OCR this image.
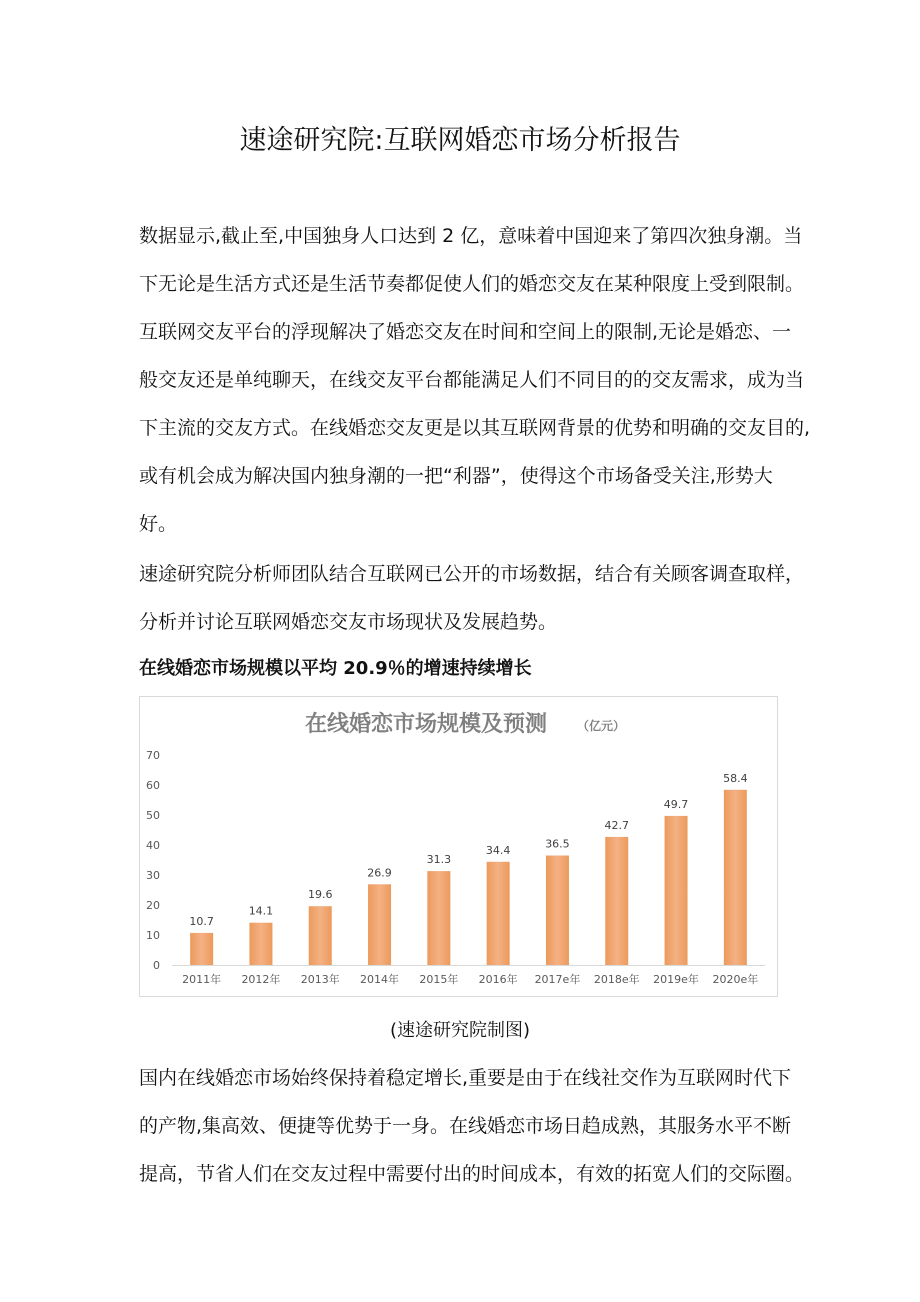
速途研究院:互联网婚恋市场分析报告
数据显示,截止至,中国独身人口达到 2 亿，意味着中国迎来了第四次独身潮。当
下无论是生活方式还是生活节奏都促使人们的婚恋交友在某种限度上受到限制。
互联网交友平台的浮现解决了婚恋交友在时间和空间上的限制,无论是婚恋、一
般交友还是单纯聊天，在线交友平台都能满足人们不同目的的交友需求，成为当
下主流的交友方式。在线婚恋交友更是以其互联网背景的优势和明确的交友目的,
或有机会成为解决国内独身潮的一把“利器”，使得这个市场备受关注,形势大
好。
速途研究院分析师团队结合互联网已公开的市场数据，结合有关顾客调查取样，
分析并讨论互联网婚恋交友市场现状及发展趋势。
在线婚恋市场规模以平均 20.9％的增速持续增长
在线婚恋市场规模及预测 （亿元）
0
10
20
30
40
50
60
70
10.7
2011年
14.1
2012年
19.6
2013年
26.9
2014年
31.3
2015年
34.4
2016年
36.5
2017e年
42.7
2018e年
49.7
2019e年
58.4
2020e年
(速途研究院制图)
国内在线婚恋市场始终保持着稳定增长,重要是由于在线社交作为互联网时代下
的产物,集高效、便捷等优势于一身。在线婚恋市场日趋成熟，其服务水平不断
提高，节省人们在交友过程中需要付出的时间成本，有效的拓宽人们的交际圈。
